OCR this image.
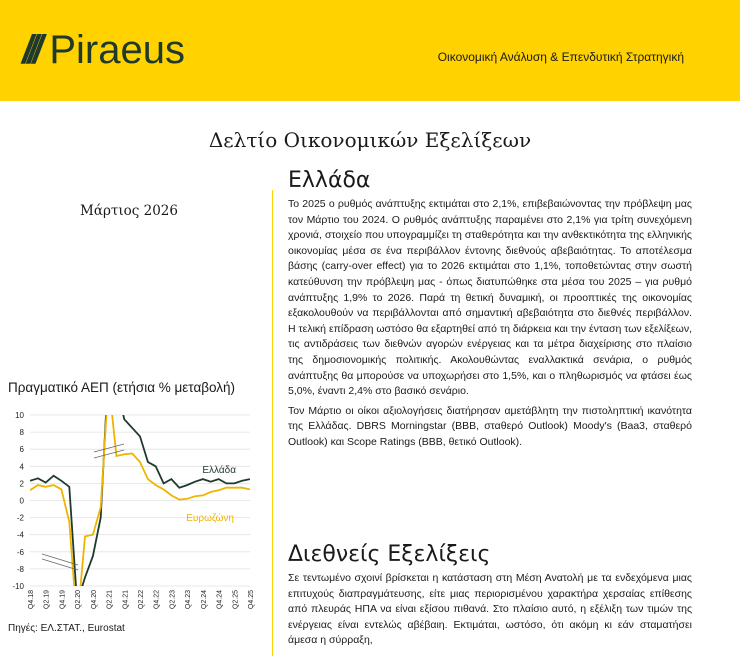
/// Piraeus	Οικονομική Ανάλυση & Επενδυτική Στρατηγική
Δελτίο Οικονομικών Εξελίξεων
Μάρτιος 2026
Πραγματικό ΑΕΠ (ετήσια % μεταβολή)
10
8
6
4
2
0
-2
-4
-6
-8
-10
Q4.18 Q2.19 Q4.19 Q2.20 Q4.20 Q2.21 Q4.21 Q2.22 Q4.22 Q2.23 Q4.23 Q2.24 Q4.24 Q2.25 Q4.25
Ελλάδα
Ευρωζώνη
Πηγές: ΕΛ.ΣΤΑΤ., Eurostat
Ελλάδα

Το 2025 ο ρυθμός ανάπτυξης εκτιμάται στο 2,1%, επιβεβαιώνοντας την πρόβλεψη μας τον Μάρτιο του 2024. Ο ρυθμός ανάπτυξης παραμένει στο 2,1% για τρίτη συνεχόμενη χρονιά, στοιχείο που υπογραμμίζει τη σταθερότητα και την ανθεκτικότητα της ελληνικής οικονομίας μέσα σε ένα περιβάλλον έντονης διεθνούς αβεβαιότητας. Το αποτέλεσμα βάσης (carry-over effect) για το 2026 εκτιμάται στο 1,1%, τοποθετώντας στην σωστή κατεύθυνση την πρόβλεψη μας - όπως διατυπώθηκε στα μέσα του 2025 – για ρυθμό ανάπτυξης 1,9% το 2026. Παρά τη θετική δυναμική, οι προοπτικές της οικονομίας εξακολουθούν να περιβάλλονται από σημαντική αβεβαιότητα στο διεθνές περιβάλλον. Η τελική επίδραση ωστόσο θα εξαρτηθεί από τη διάρκεια και την ένταση των εξελίξεων, τις αντιδράσεις των διεθνών αγορών ενέργειας και τα μέτρα διαχείρισης στο πλαίσιο της δημοσιονομικής πολιτικής. Ακολουθώντας εναλλακτικά σενάρια, ο ρυθμός ανάπτυξης θα μπορούσε να υποχωρήσει στο 1,5%, και ο πληθωρισμός να φτάσει έως 5,0%, έναντι 2,4% στο βασικό σενάριο.

Τον Μάρτιο οι οίκοι αξιολογήσεις διατήρησαν αμετάβλητη την πιστοληπτική ικανότητα της Ελλάδας. DBRS Morningstar (BBB, σταθερό Outlook) Moody's (Baa3, σταθερό Outlook) και Scope Ratings (BBB, θετικό Outlook).

Διεθνείς Εξελίξεις

Σε τεντωμένο σχοινί βρίσκεται η κατάσταση στη Μέση Ανατολή με τα ενδεχόμενα μιας επιτυχούς διαπραγμάτευσης, είτε μιας περιορισμένου χαρακτήρα χερσαίας επίθεσης από πλευράς ΗΠΑ να είναι εξίσου πιθανά. Στο πλαίσιο αυτό, η εξέλιξη των τιμών της ενέργειας είναι εντελώς αβέβαιη. Εκτιμάται, ωστόσο, ότι ακόμη κι εάν σταματήσει άμεσα η σύρραξη,
